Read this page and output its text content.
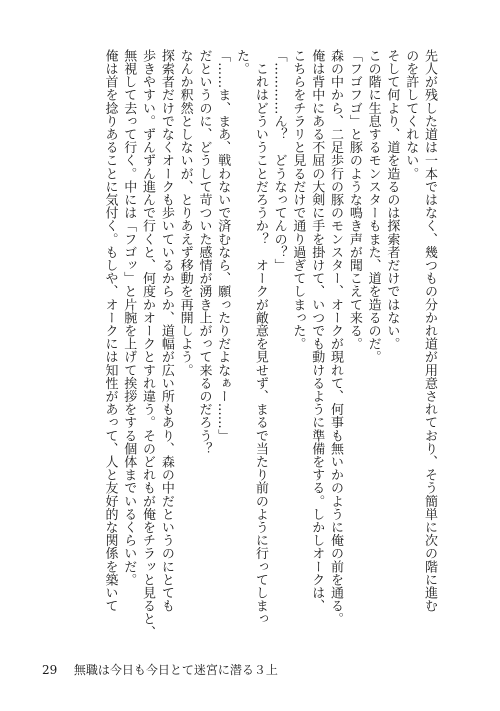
先人が残した道は一本ではなく、幾つもの分かれ道が用意されており、そう簡単に次の階に進む
のを許してくれない。
そして何より、道を造るのは探索者だけではない。
この階に生息するモンスターもまた、道を造るのだ。
「フゴフゴ」と豚のような鳴き声が聞こえて来る。
森の中から、二足歩行の豚のモンスター、オークが現れて、何事も無いかのように俺の前を通る。
俺は背中にある不屈の大剣に手を掛けて、いつでも動けるように準備をする。しかしオークは、
こちらをチラリと見るだけで通り過ぎてしまった。
「…………ん？　どうなってんの？」
　これはどういうことだろうか？　オークが敵意を見せず、まるで当たり前のように行ってしまっ
た。
「……ま、まあ、戦わないで済むなら、願ったりだよなぁー……」
だというのに、どうして苛ついた感情が湧き上がって来るのだろう？
なんか釈然としないが、とりあえず移動を再開しよう。
探索者だけでなくオークも歩いているからか、道幅が広い所もあり、森の中だというのにとても
歩きやすい。ずんずん進んで行くと、何度かオークとすれ違う。そのどれもが俺をチラッと見ると、
無視して去って行く。中には「フゴッ」と片腕を上げて挨拶をする個体までいるくらいだ。
俺は首を捻りあることに気付く。もしや、オークには知性があって、人と友好的な関係を築いて
29 無職は今日も今日とて迷宮に潜る３上
